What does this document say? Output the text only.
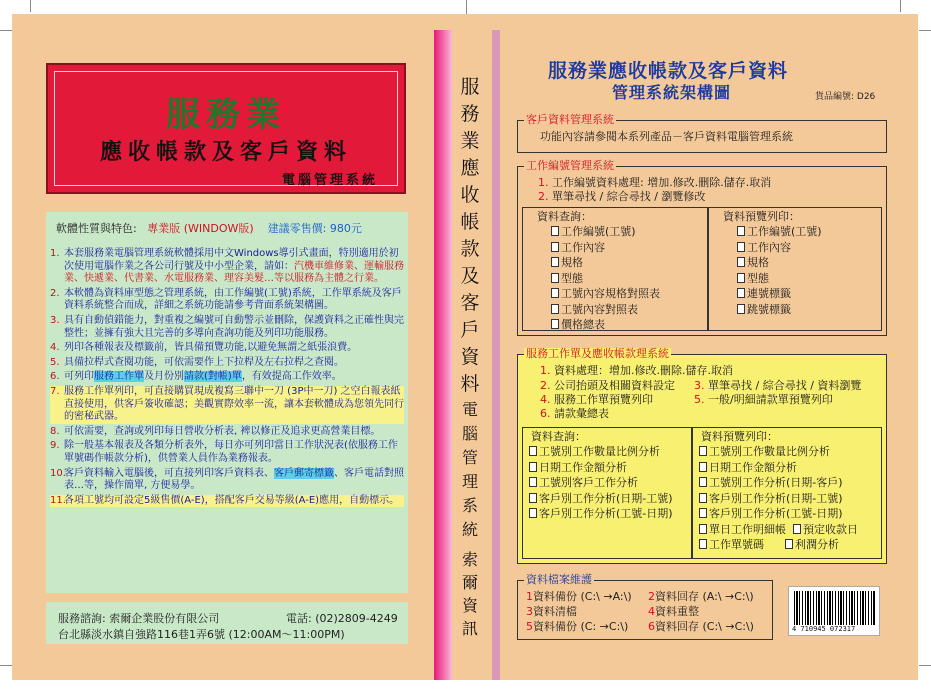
服務業
應收帳款及客戶資料
電腦管理系統
軟體性質與特色: 專業版 (WINDOW版) 建議零售價: 980元
1. 本套服務業電腦管理系統軟體採用中文Windows導引式畫面，特別適用於初次使用電腦作業之各公司行號及中小型企業，請如：汽機車維修業、運輸服務業、快遞業、代書業、水電服務業、理容美髮…等以服務為主體之行業。
2. 本軟體為資料庫型態之管理系統，由工作編號(工號)系統，工作單系統及客戶資料系統整合而成，詳細之系統功能請參考背面系統架構圖。
3. 具有自動偵錯能力，對重複之編號可自動警示並刪除，保護資料之正確性與完整性；並擁有強大且完善的多導向查詢功能及列印功能服務。
4. 列印各種報表及標籤前，皆具備預覽功能,以避免無謂之紙張浪費。
5. 具備拉桿式查閱功能，可依需要作上下拉桿及左右拉桿之查閱。
6. 可列印服務工作單及月份別請款(對帳)單，有效提高工作效率。
7. 服務工作單列印，可直接購買現成複寫三聯中一刀 (3P中一刀) 之空白報表紙直接使用，供客戶簽收確認；美觀實際效率一流，讓本套軟體成為您領先同行的密秘武器。
8. 可依需要，查詢或列印每日營收分析表, 裨以修正及追求更高營業目標。
9. 除一般基本報表及各類分析表外，每日亦可列印當日工作狀況表(依服務工作單號碼作帳款分析)，供營業人員作為業務報表。
10.
客戶資料輸入電腦後，可直接列印客戶資料表、客戶郵寄標籤、客戶電話對照表…等，操作簡單, 方便易學。
11.
各項工號均可設定5級售價(A-E)，搭配客戶交易等級(A-E)應用，自動標示。
服務諮詢: 索爾企業股份有限公司	電話: (02)2809-4249
台北縣淡水鎮自強路116巷1弄6號 (12:00AM～11:00PM)
服
務
業
應
收
帳
款
及
客
戶
資
料
電
腦
管
理
系
統
索
爾
資
訊
服務業應收帳款及客戶資料
管理系統架構圖	貨品編號: D26
客戶資料管理系統
功能內容請參閱本系列產品－客戶資料電腦管理系統
工作編號管理系統
1. 工作編號資料處理: 增加.修改.刪除.儲存.取消
2. 單筆尋找 / 綜合尋找 / 瀏覽修改
資料查詢：
工作編號(工號)
工作內容
規格
型態
工號內容規格對照表
工號內容對照表
價格總表
資料預覽列印：
工作編號(工號)
工作內容
規格
型態
連號標籤
跳號標籤
服務工作單及應收帳款理系統
1. 資料處理：增加.修改.刪除.儲存.取消
2. 公司抬頭及相關資料設定 3. 單筆尋找 / 綜合尋找 / 資料瀏覽
4. 服務工作單預覽列印	5. 一般/明細請款單預覽列印
6. 請款彙總表
資料查詢：
工號別工作數量比例分析
日期工作金額分析
工號別客戶工作分析
客戶別工作分析(日期-工號)
客戶別工作分析(工號-日期)
資料預覽列印：
工號別工作數量比例分析
日期工作金額分析
工號別工作分析(日期-客戶)
客戶別工作分析(日期-工號)
客戶別工作分析(工號-日期)
單日工作明細帳 預定收款日
工作單號碼	利潤分析
資料檔案維護
1資料備份 (C:\ →A:\) 2資料回存 (A:\ →C:\)
3資料清檔	4資料重整
5資料備份 (C: →C:\) 6資料回存 (C:\ →C:\)	4 710945 072317
